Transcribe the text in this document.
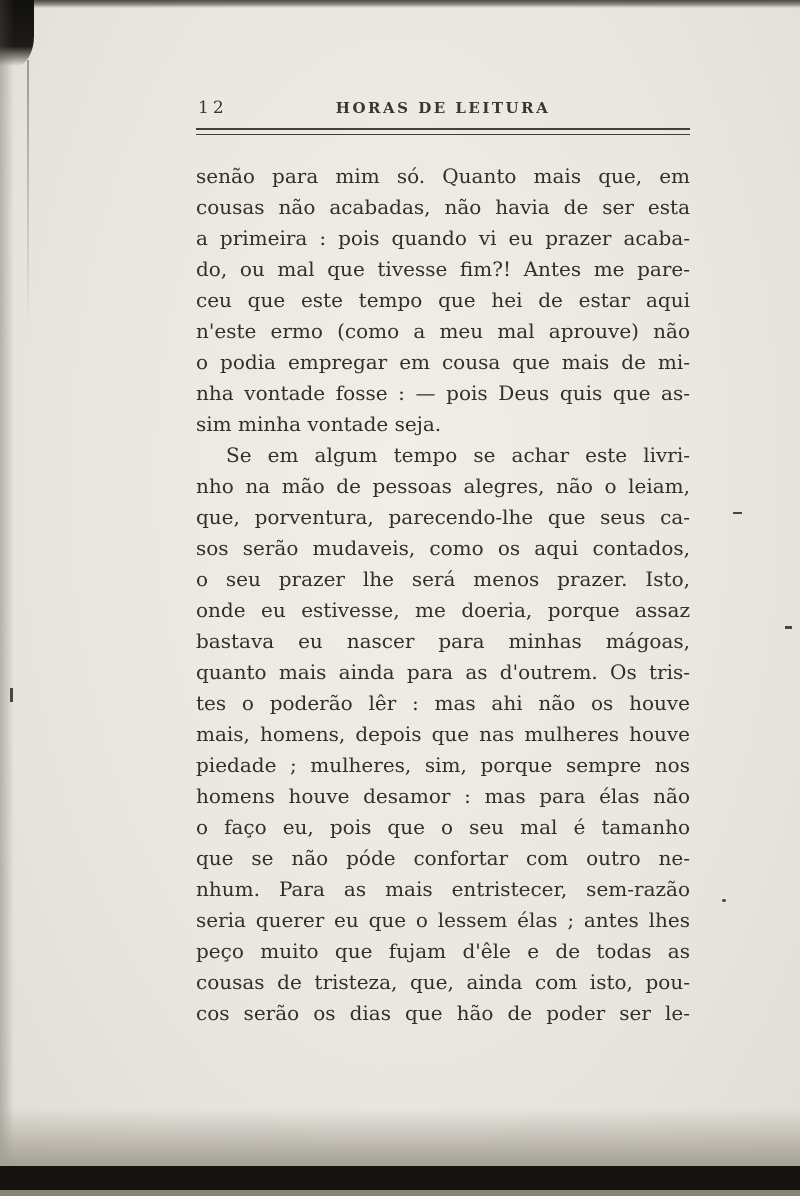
12	HORAS DE LEITURA
senão para mim só. Quanto mais que, em
cousas não acabadas, não havia de ser esta
a primeira : pois quando vi eu prazer acaba-
do, ou mal que tivesse fim?! Antes me pare-
ceu que este tempo que hei de estar aqui
n'este ermo (como a meu mal aprouve) não
o podia empregar em cousa que mais de mi-
nha vontade fosse : — pois Deus quis que as-
sim minha vontade seja.
Se em algum tempo se achar este livri-
nho na mão de pessoas alegres, não o leiam,
que, porventura, parecendo-lhe que seus ca-
sos serão mudaveis, como os aqui contados,
o seu prazer lhe será menos prazer. Isto,
onde eu estivesse, me doeria, porque assaz
bastava eu nascer para minhas mágoas,
quanto mais ainda para as d'outrem. Os tris-
tes o poderão lêr : mas ahi não os houve
mais, homens, depois que nas mulheres houve
piedade ; mulheres, sim, porque sempre nos
homens houve desamor : mas para élas não
o faço eu, pois que o seu mal é tamanho
que se não póde confortar com outro ne-
nhum. Para as mais entristecer, sem-razão
seria querer eu que o lessem élas ; antes lhes
peço muito que fujam d'êle e de todas as
cousas de tristeza, que, ainda com isto, pou-
cos serão os dias que hão de poder ser le-
